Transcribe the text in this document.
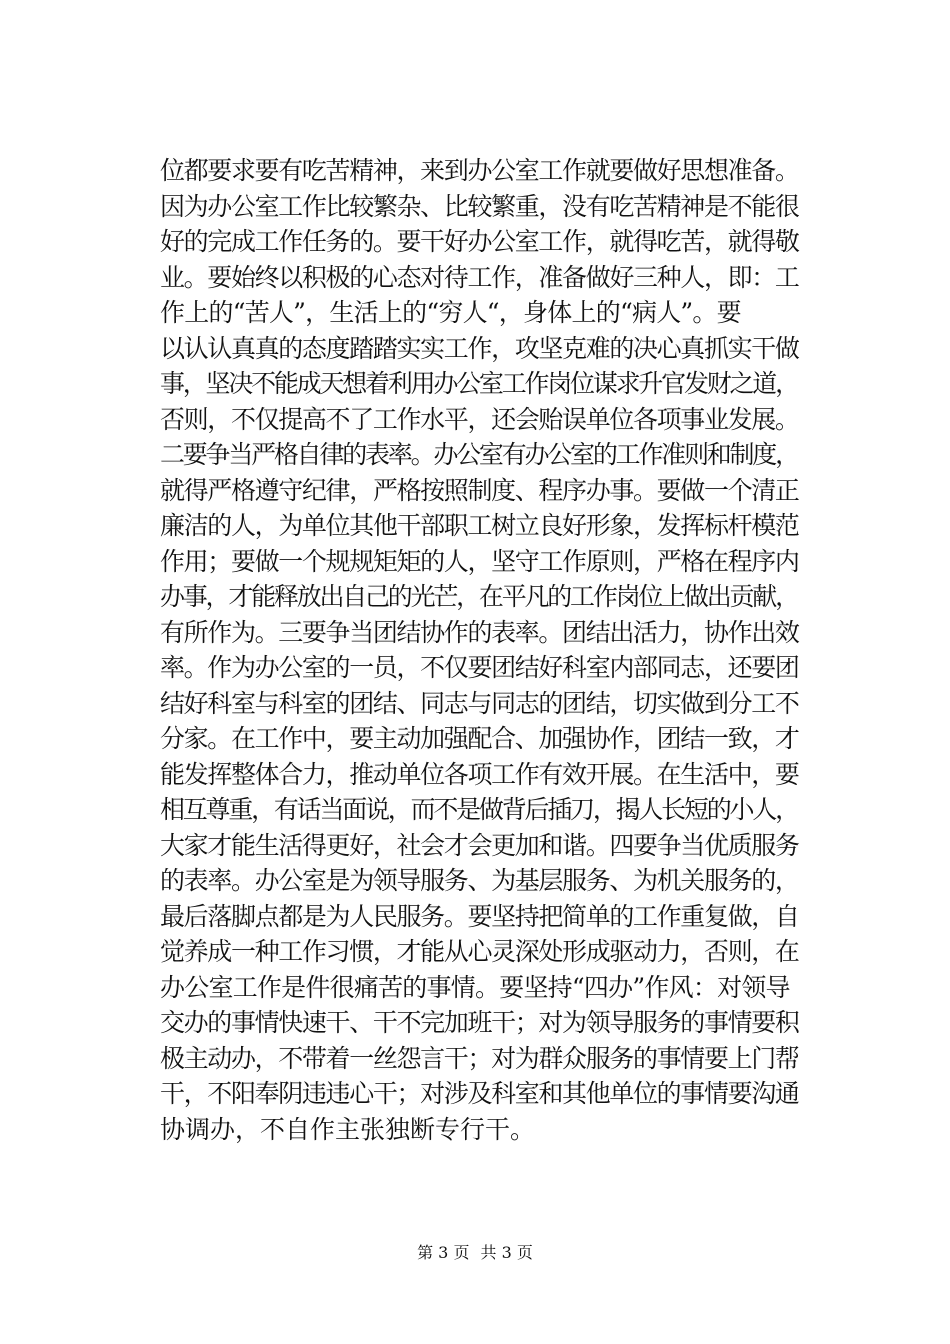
位都要求要有吃苦精神，来到办公室工作就要做好思想准备。
因为办公室工作比较繁杂、比较繁重，没有吃苦精神是不能很
好的完成工作任务的。要干好办公室工作，就得吃苦，就得敬
业。要始终以积极的心态对待工作，准备做好三种人，即：工
作上的“苦人”，生活上的“穷人“，身体上的“病人”。要
以认认真真的态度踏踏实实工作，攻坚克难的决心真抓实干做
事，坚决不能成天想着利用办公室工作岗位谋求升官发财之道，
否则，不仅提高不了工作水平，还会贻误单位各项事业发展。
二要争当严格自律的表率。办公室有办公室的工作准则和制度，
就得严格遵守纪律，严格按照制度、程序办事。要做一个清正
廉洁的人，为单位其他干部职工树立良好形象，发挥标杆模范
作用；要做一个规规矩矩的人，坚守工作原则，严格在程序内
办事，才能释放出自己的光芒，在平凡的工作岗位上做出贡献，
有所作为。三要争当团结协作的表率。团结出活力，协作出效
率。作为办公室的一员，不仅要团结好科室内部同志，还要团
结好科室与科室的团结、同志与同志的团结，切实做到分工不
分家。在工作中，要主动加强配合、加强协作，团结一致，才
能发挥整体合力，推动单位各项工作有效开展。在生活中，要
相互尊重，有话当面说，而不是做背后插刀，揭人长短的小人，
大家才能生活得更好，社会才会更加和谐。四要争当优质服务
的表率。办公室是为领导服务、为基层服务、为机关服务的，
最后落脚点都是为人民服务。要坚持把简单的工作重复做，自
觉养成一种工作习惯，才能从心灵深处形成驱动力，否则，在
办公室工作是件很痛苦的事情。要坚持“四办”作风：对领导
交办的事情快速干、干不完加班干；对为领导服务的事情要积
极主动办，不带着一丝怨言干；对为群众服务的事情要上门帮
干，不阳奉阴违违心干；对涉及科室和其他单位的事情要沟通
协调办，不自作主张独断专行干。
第 3 页 共 3 页
